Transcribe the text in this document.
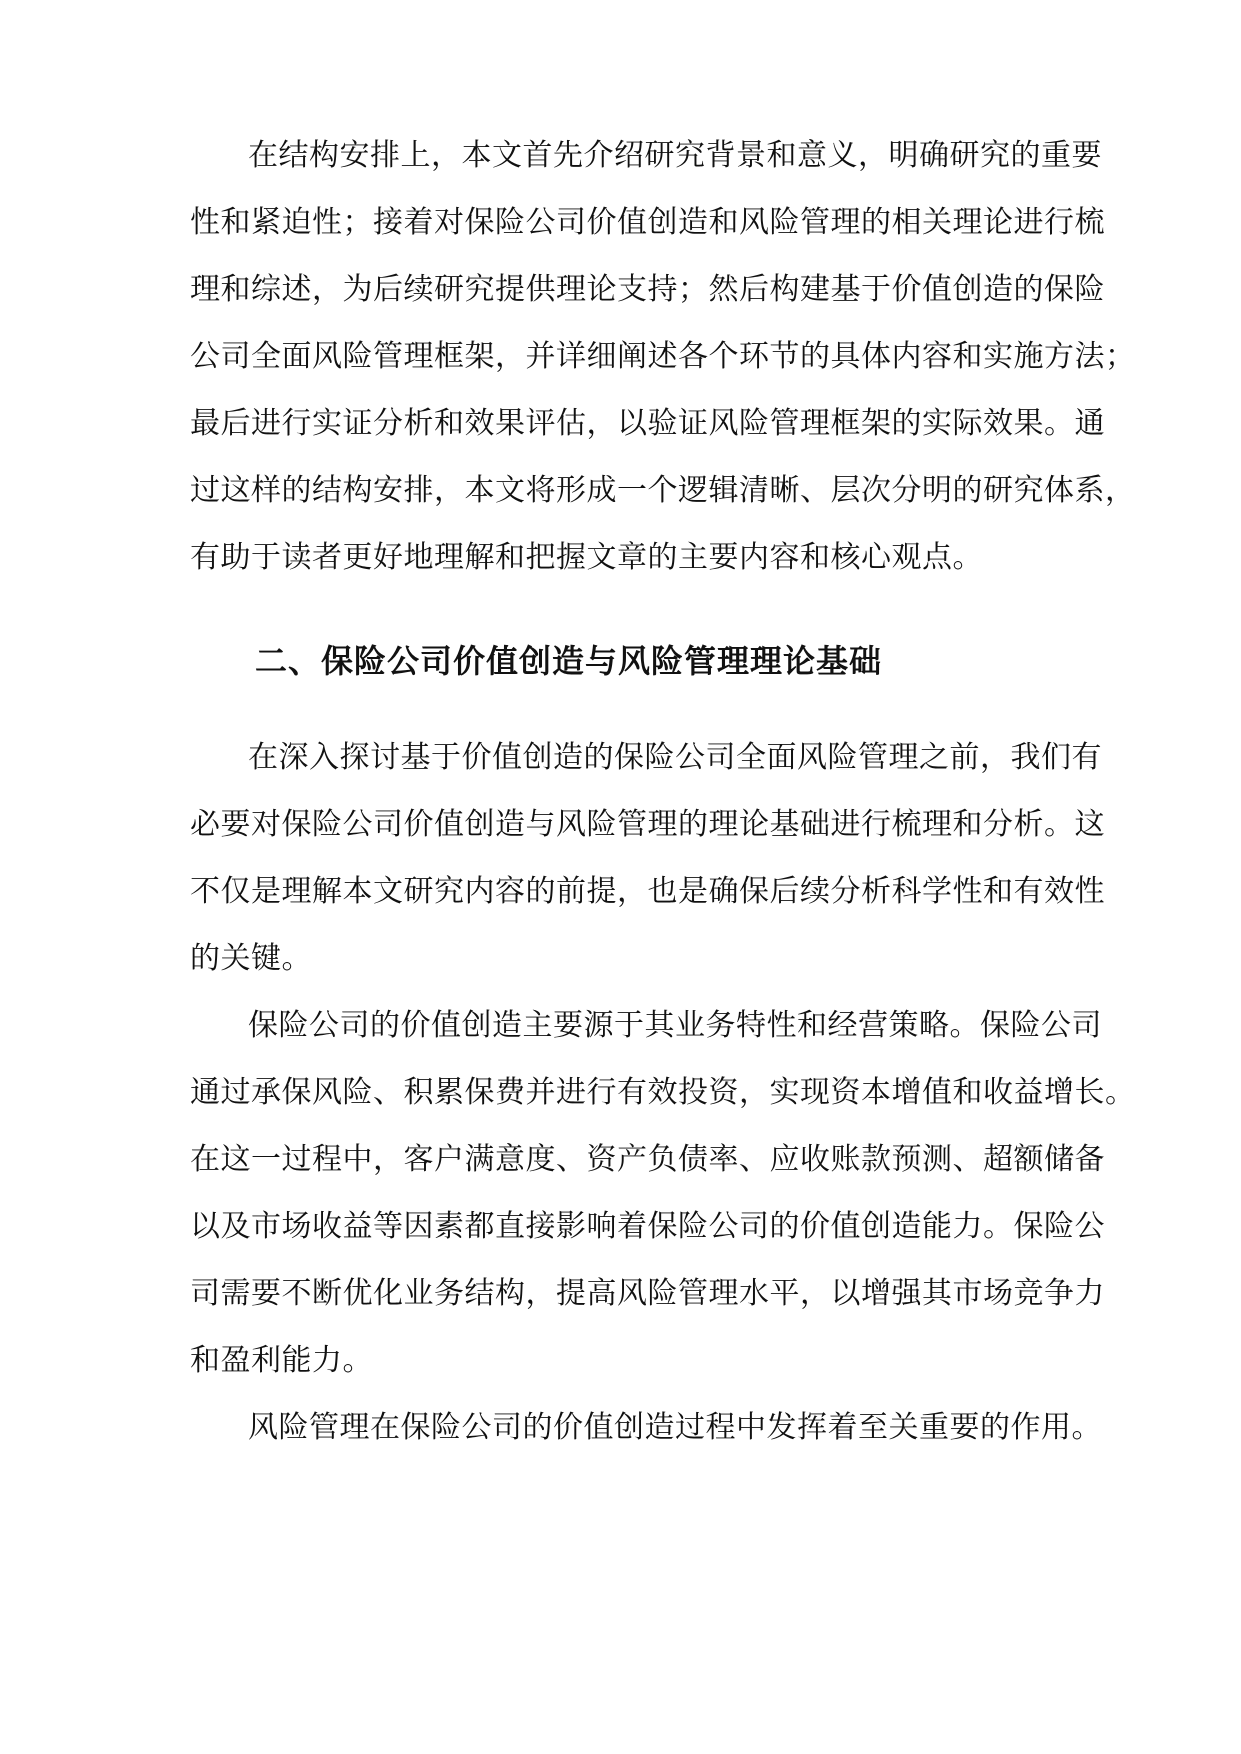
在结构安排上，本文首先介绍研究背景和意义，明确研究的重要
性和紧迫性；接着对保险公司价值创造和风险管理的相关理论进行梳
理和综述，为后续研究提供理论支持；然后构建基于价值创造的保险
公司全面风险管理框架，并详细阐述各个环节的具体内容和实施方法；
最后进行实证分析和效果评估，以验证风险管理框架的实际效果。通
过这样的结构安排，本文将形成一个逻辑清晰、层次分明的研究体系，
有助于读者更好地理解和把握文章的主要内容和核心观点。
二、保险公司价值创造与风险管理理论基础
在深入探讨基于价值创造的保险公司全面风险管理之前，我们有
必要对保险公司价值创造与风险管理的理论基础进行梳理和分析。这
不仅是理解本文研究内容的前提，也是确保后续分析科学性和有效性
的关键。
保险公司的价值创造主要源于其业务特性和经营策略。保险公司
通过承保风险、积累保费并进行有效投资，实现资本增值和收益增长。
在这一过程中，客户满意度、资产负债率、应收账款预测、超额储备
以及市场收益等因素都直接影响着保险公司的价值创造能力。保险公
司需要不断优化业务结构，提高风险管理水平，以增强其市场竞争力
和盈利能力。
风险管理在保险公司的价值创造过程中发挥着至关重要的作用。
